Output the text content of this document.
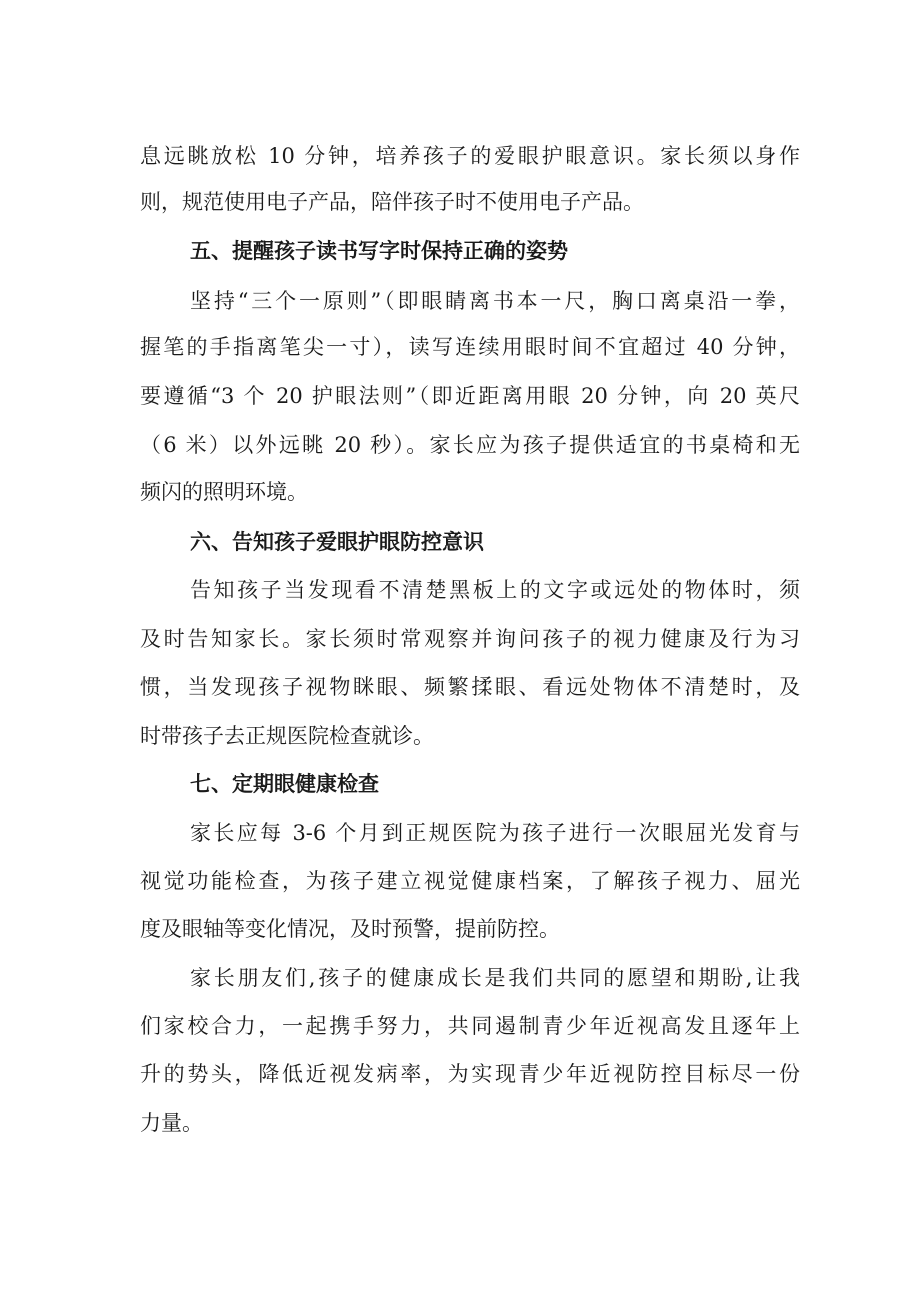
息远眺放松 10 分钟，培养孩子的爱眼护眼意识。家长须以身作
则，规范使用电子产品，陪伴孩子时不使用电子产品。
五、提醒孩子读书写字时保持正确的姿势
坚持“三个一原则”（即眼睛离书本一尺，胸口离桌沿一拳，
握笔的手指离笔尖一寸），读写连续用眼时间不宜超过 40 分钟，
要遵循“3 个 20 护眼法则”（即近距离用眼 20 分钟，向 20 英尺
（6 米）以外远眺 20 秒）。家长应为孩子提供适宜的书桌椅和无
频闪的照明环境。
六、告知孩子爱眼护眼防控意识
告知孩子当发现看不清楚黑板上的文字或远处的物体时，须
及时告知家长。家长须时常观察并询问孩子的视力健康及行为习
惯，当发现孩子视物眯眼、频繁揉眼、看远处物体不清楚时，及
时带孩子去正规医院检查就诊。
七、定期眼健康检查
家长应每 3-6 个月到正规医院为孩子进行一次眼屈光发育与
视觉功能检查，为孩子建立视觉健康档案，了解孩子视力、屈光
度及眼轴等变化情况，及时预警，提前防控。
家长朋友们,孩子的健康成长是我们共同的愿望和期盼,让我
们家校合力，一起携手努力，共同遏制青少年近视高发且逐年上
升的势头，降低近视发病率，为实现青少年近视防控目标尽一份
力量。
